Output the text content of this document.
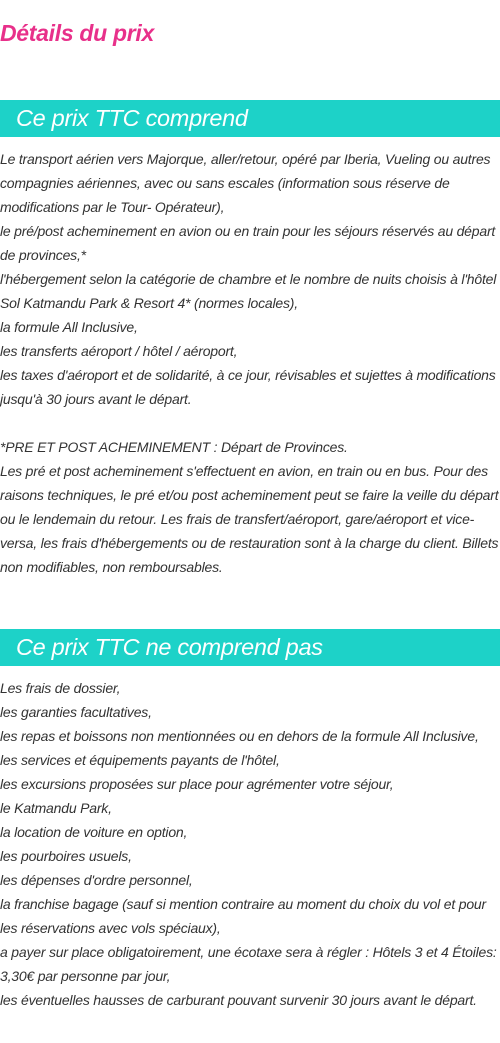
Détails du prix
Ce prix TTC comprend

Le transport aérien vers Majorque, aller/retour, opéré par Iberia, Vueling ou autres compagnies aériennes, avec ou sans escales (information sous réserve de modifications par le Tour- Opérateur),

le pré/post acheminement en avion ou en train pour les séjours réservés au départ de provinces,*

l'hébergement selon la catégorie de chambre et le nombre de nuits choisis à l'hôtel Sol Katmandu Park & Resort 4* (normes locales),

la formule All Inclusive,

les transferts aéroport / hôtel / aéroport,

les taxes d'aéroport et de solidarité, à ce jour, révisables et sujettes à modifications jusqu'à 30 jours avant le départ.

*PRE ET POST ACHEMINEMENT : Départ de Provinces.

Les pré et post acheminement s'effectuent en avion, en train ou en bus. Pour des raisons techniques, le pré et/ou post acheminement peut se faire la veille du départ ou le lendemain du retour. Les frais de transfert/aéroport, gare/aéroport et vice-versa, les frais d'hébergements ou de restauration sont à la charge du client. Billets non modifiables, non remboursables.

Ce prix TTC ne comprend pas

Les frais de dossier,

les garanties facultatives,

les repas et boissons non mentionnées ou en dehors de la formule All Inclusive,

les services et équipements payants de l'hôtel,

les excursions proposées sur place pour agrémenter votre séjour,

le Katmandu Park,

la location de voiture en option,

les pourboires usuels,

les dépenses d'ordre personnel,

la franchise bagage (sauf si mention contraire au moment du choix du vol et pour les réservations avec vols spéciaux),

a payer sur place obligatoirement, une écotaxe sera à régler : Hôtels 3 et 4 Étoiles: 3,30€ par personne par jour,

les éventuelles hausses de carburant pouvant survenir 30 jours avant le départ.
